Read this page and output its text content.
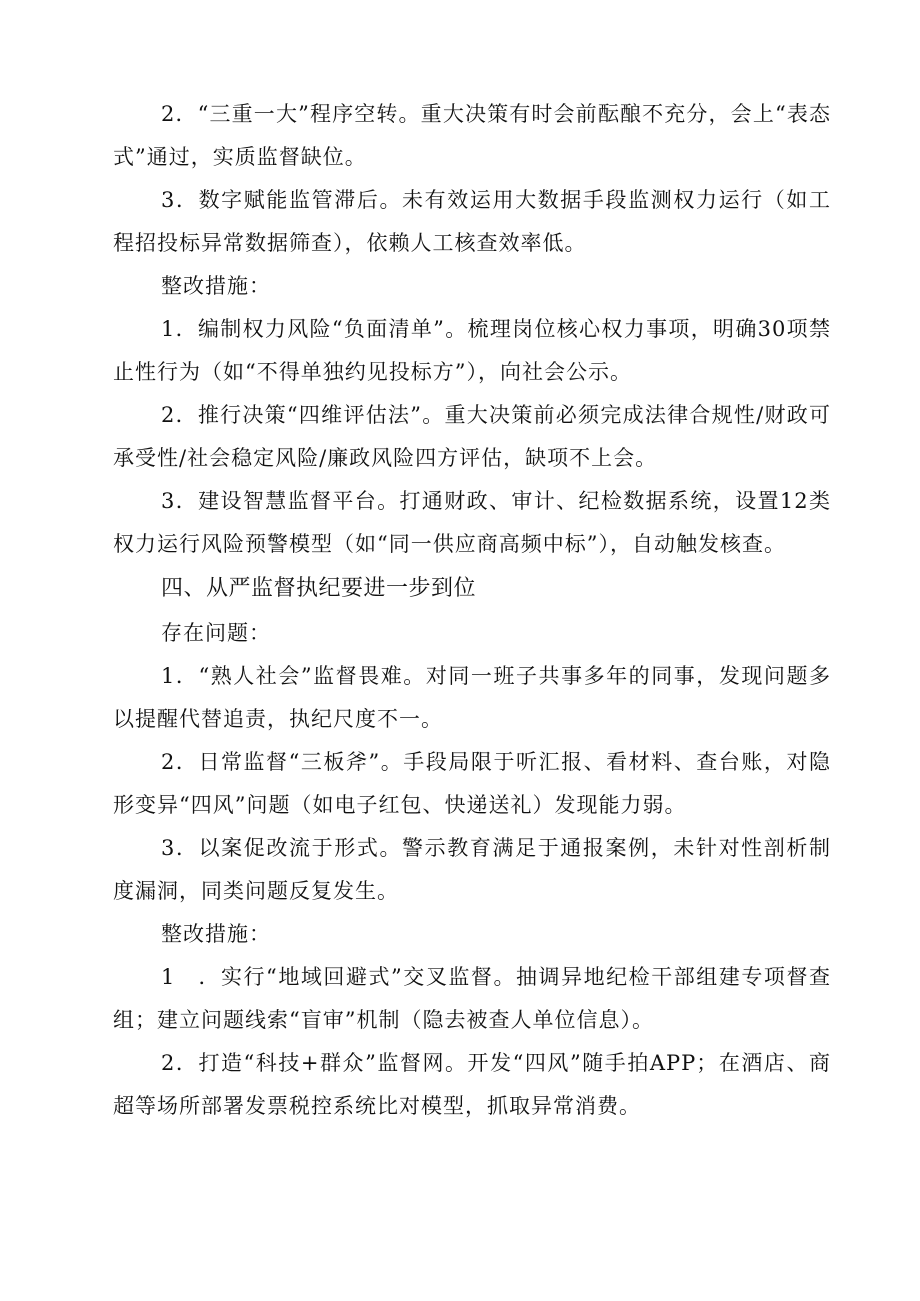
2．“三重一大”程序空转。重大决策有时会前酝酿不充分，会上“表态式”通过，实质监督缺位。

3．数字赋能监管滞后。未有效运用大数据手段监测权力运行（如工程招投标异常数据筛查），依赖人工核查效率低。

整改措施：

1．编制权力风险“负面清单”。梳理岗位核心权力事项，明确30项禁止性行为（如“不得单独约见投标方”），向社会公示。

2．推行决策“四维评估法”。重大决策前必须完成法律合规性/财政可承受性/社会稳定风险/廉政风险四方评估，缺项不上会。

3．建设智慧监督平台。打通财政、审计、纪检数据系统，设置12类权力运行风险预警模型（如“同一供应商高频中标”），自动触发核查。

四、从严监督执纪要进一步到位

存在问题：

1．“熟人社会”监督畏难。对同一班子共事多年的同事，发现问题多以提醒代替追责，执纪尺度不一。

2．日常监督“三板斧”。手段局限于听汇报、看材料、查台账，对隐形变异“四风”问题（如电子红包、快递送礼）发现能力弱。

3．以案促改流于形式。警示教育满足于通报案例，未针对性剖析制度漏洞，同类问题反复发生。

整改措施：

1　．实行“地域回避式”交叉监督。抽调异地纪检干部组建专项督查组；建立问题线索“盲审”机制（隐去被查人单位信息）。

2．打造“科技+群众”监督网。开发“四风”随手拍APP；在酒店、商超等场所部署发票税控系统比对模型，抓取异常消费。
